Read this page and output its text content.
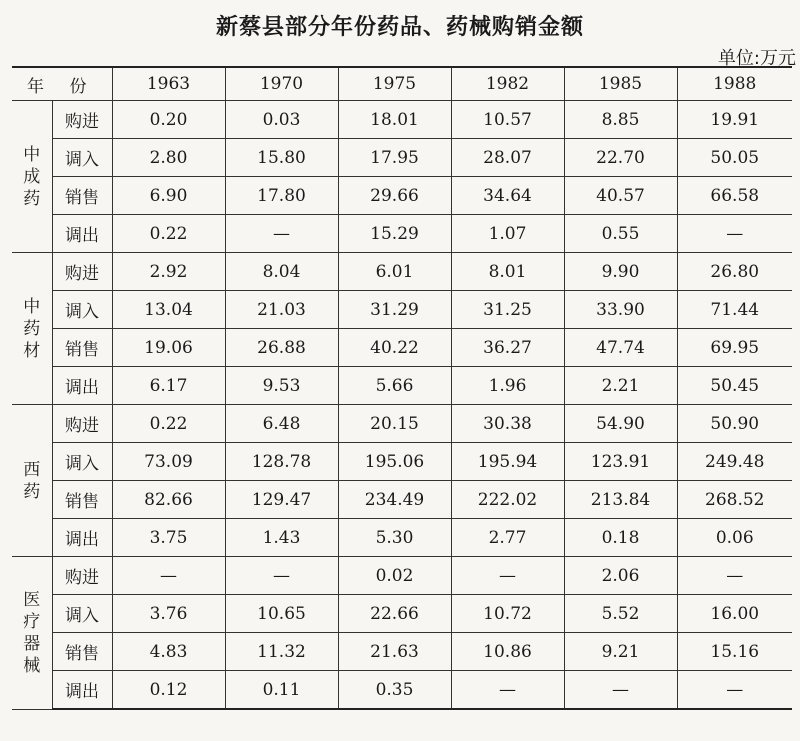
新蔡县部分年份药品、药械购销金额
单位:万元
年 份		1963	1970	1975	1982	1985	1988

中成药	购进	0.20	0.03	18.01	10.57	8.85	19.91
	调入	2.80	15.80	17.95	28.07	22.70	50.05
	销售	6.90	17.80	29.66	34.64	40.57	66.58
	调出	0.22	—	15.29	1.07	0.55	—

中药材	购进	2.92	8.04	6.01	8.01	9.90	26.80
	调入	13.04	21.03	31.29	31.25	33.90	71.44
	销售	19.06	26.88	40.22	36.27	47.74	69.95
	调出	6.17	9.53	5.66	1.96	2.21	50.45

西药	购进	0.22	6.48	20.15	30.38	54.90	50.90
	调入	73.09	128.78	195.06	195.94	123.91	249.48
	销售	82.66	129.47	234.49	222.02	213.84	268.52
	调出	3.75	1.43	5.30	2.77	0.18	0.06

医疗器械	购进	—	—	0.02	—	2.06	—
	调入	3.76	10.65	22.66	10.72	5.52	16.00
	销售	4.83	11.32	21.63	10.86	9.21	15.16
	调出	0.12	0.11	0.35	—	—	—
